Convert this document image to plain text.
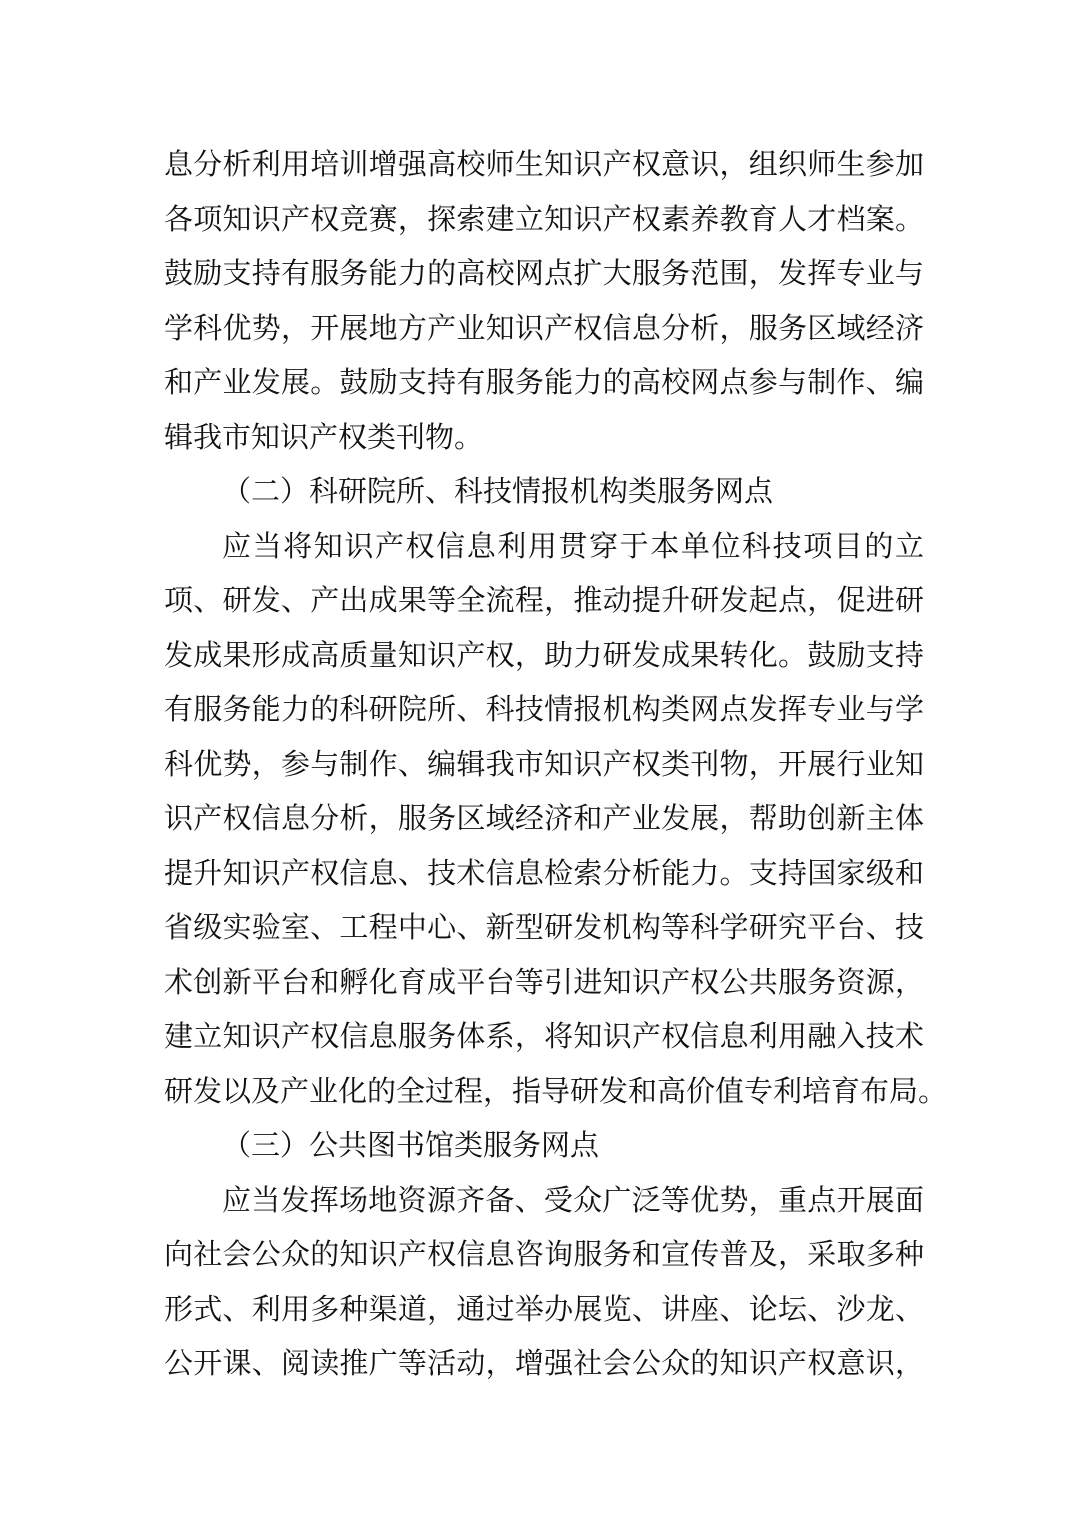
息分析利用培训增强高校师生知识产权意识，组织师生参加
各项知识产权竞赛，探索建立知识产权素养教育人才档案。
鼓励支持有服务能力的高校网点扩大服务范围，发挥专业与
学科优势，开展地方产业知识产权信息分析，服务区域经济
和产业发展。鼓励支持有服务能力的高校网点参与制作、编
辑我市知识产权类刊物。
（二）科研院所、科技情报机构类服务网点
应当将知识产权信息利用贯穿于本单位科技项目的立
项、研发、产出成果等全流程，推动提升研发起点，促进研
发成果形成高质量知识产权，助力研发成果转化。鼓励支持
有服务能力的科研院所、科技情报机构类网点发挥专业与学
科优势，参与制作、编辑我市知识产权类刊物，开展行业知
识产权信息分析，服务区域经济和产业发展，帮助创新主体
提升知识产权信息、技术信息检索分析能力。支持国家级和
省级实验室、工程中心、新型研发机构等科学研究平台、技
术创新平台和孵化育成平台等引进知识产权公共服务资源，
建立知识产权信息服务体系，将知识产权信息利用融入技术
研发以及产业化的全过程，指导研发和高价值专利培育布局。
（三）公共图书馆类服务网点
应当发挥场地资源齐备、受众广泛等优势，重点开展面
向社会公众的知识产权信息咨询服务和宣传普及，采取多种
形式、利用多种渠道，通过举办展览、讲座、论坛、沙龙、
公开课、阅读推广等活动，增强社会公众的知识产权意识，
